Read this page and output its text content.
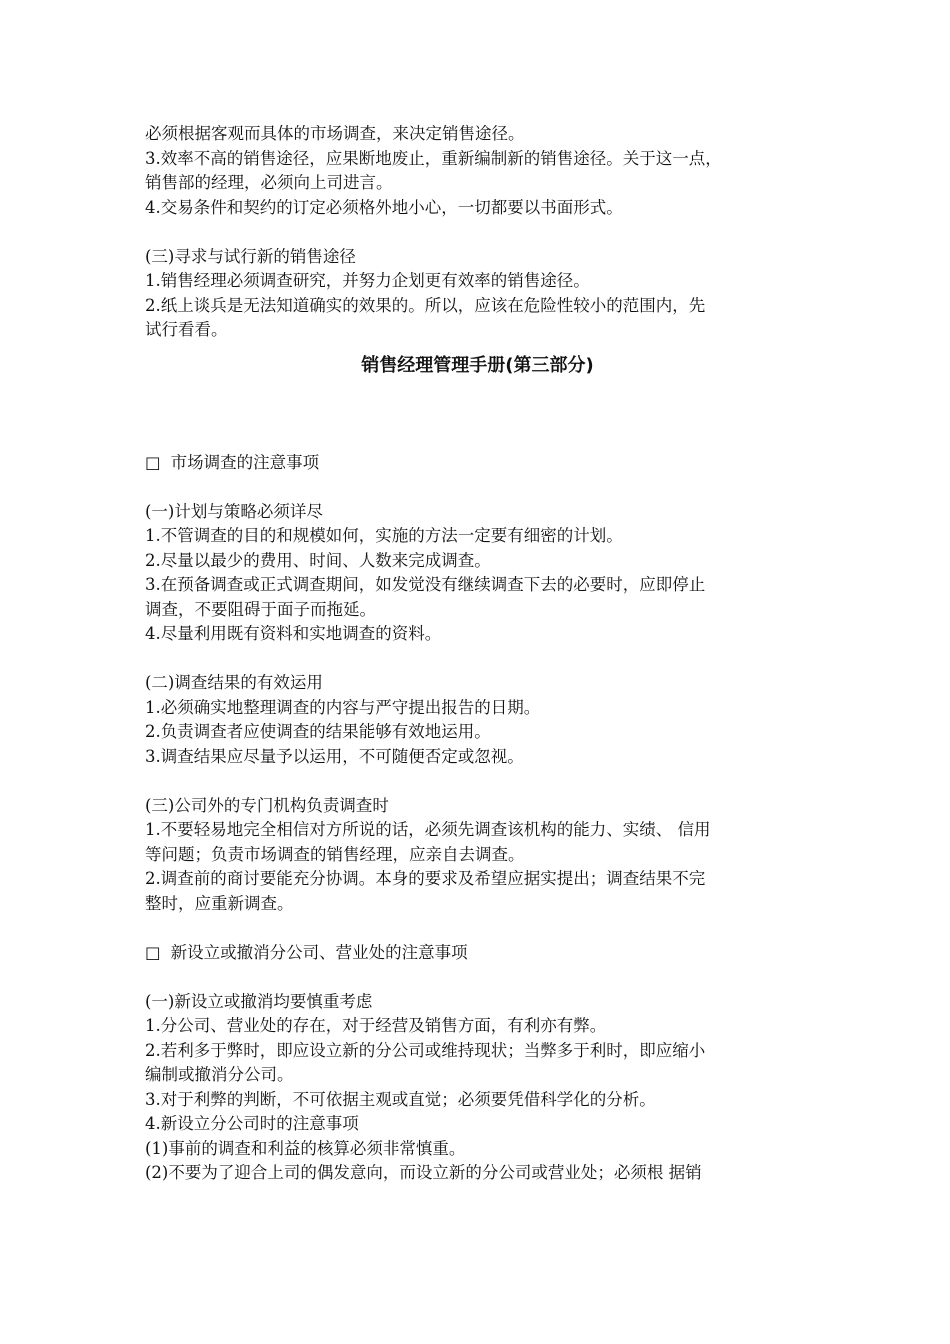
必须根据客观而具体的市场调查，来决定销售途径。
3.效率不高的销售途径，应果断地废止，重新编制新的销售途径。关于这一点，
销售部的经理，必须向上司进言。
4.交易条件和契约的订定必须格外地小心，一切都要以书面形式。
(三)寻求与试行新的销售途径
1.销售经理必须调查研究，并努力企划更有效率的销售途径。
2.纸上谈兵是无法知道确实的效果的。所以，应该在危险性较小的范围内，先
试行看看。
销售经理管理手册(第三部分)
□ 市场调查的注意事项
(一)计划与策略必须详尽
1.不管调查的目的和规模如何，实施的方法一定要有细密的计划。
2.尽量以最少的费用、时间、人数来完成调查。
3.在预备调查或正式调查期间，如发觉没有继续调查下去的必要时，应即停止
调查，不要阻碍于面子而拖延。
4.尽量利用既有资料和实地调查的资料。
(二)调查结果的有效运用
1.必须确实地整理调查的内容与严守提出报告的日期。
2.负责调查者应使调查的结果能够有效地运用。
3.调查结果应尽量予以运用，不可随便否定或忽视。
(三)公司外的专门机构负责调查时
1.不要轻易地完全相信对方所说的话，必须先调查该机构的能力、实绩、 信用
等问题；负责市场调查的销售经理，应亲自去调查。
2.调查前的商讨要能充分协调。本身的要求及希望应据实提出；调查结果不完
整时，应重新调查。
□ 新设立或撤消分公司、营业处的注意事项
(一)新设立或撤消均要慎重考虑
1.分公司、营业处的存在，对于经营及销售方面，有利亦有弊。
2.若利多于弊时，即应设立新的分公司或维持现状；当弊多于利时，即应缩小
编制或撤消分公司。
3.对于利弊的判断，不可依据主观或直觉；必须要凭借科学化的分析。
4.新设立分公司时的注意事项
(1)事前的调查和利益的核算必须非常慎重。
(2)不要为了迎合上司的偶发意向，而设立新的分公司或营业处；必须根 据销
